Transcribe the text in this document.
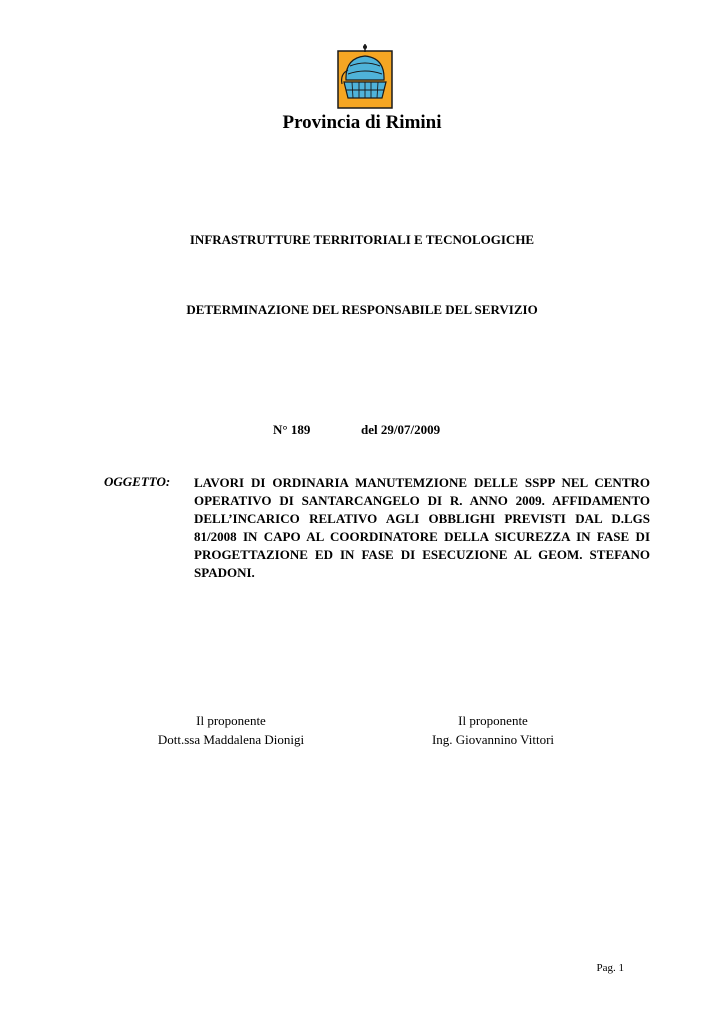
Provincia di Rimini
INFRASTRUTTURE TERRITORIALI E TECNOLOGICHE
DETERMINAZIONE DEL RESPONSABILE DEL SERVIZIO
N° 189	del 29/07/2009
OGGETTO: LAVORI DI ORDINARIA MANUTEMZIONE DELLE SSPP NEL CENTRO OPERATIVO DI SANTARCANGELO DI R. ANNO 2009. AFFIDAMENTO DELL’INCARICO RELATIVO AGLI OBBLIGHI PREVISTI DAL D.LGS 81/2008 IN CAPO AL COORDINATORE DELLA SICUREZZA IN FASE DI PROGETTAZIONE ED IN FASE DI ESECUZIONE AL GEOM. STEFANO SPADONI.
Il proponente
Dott.ssa Maddalena Dionigi
Il proponente
Ing. Giovannino Vittori
Pag. 1
